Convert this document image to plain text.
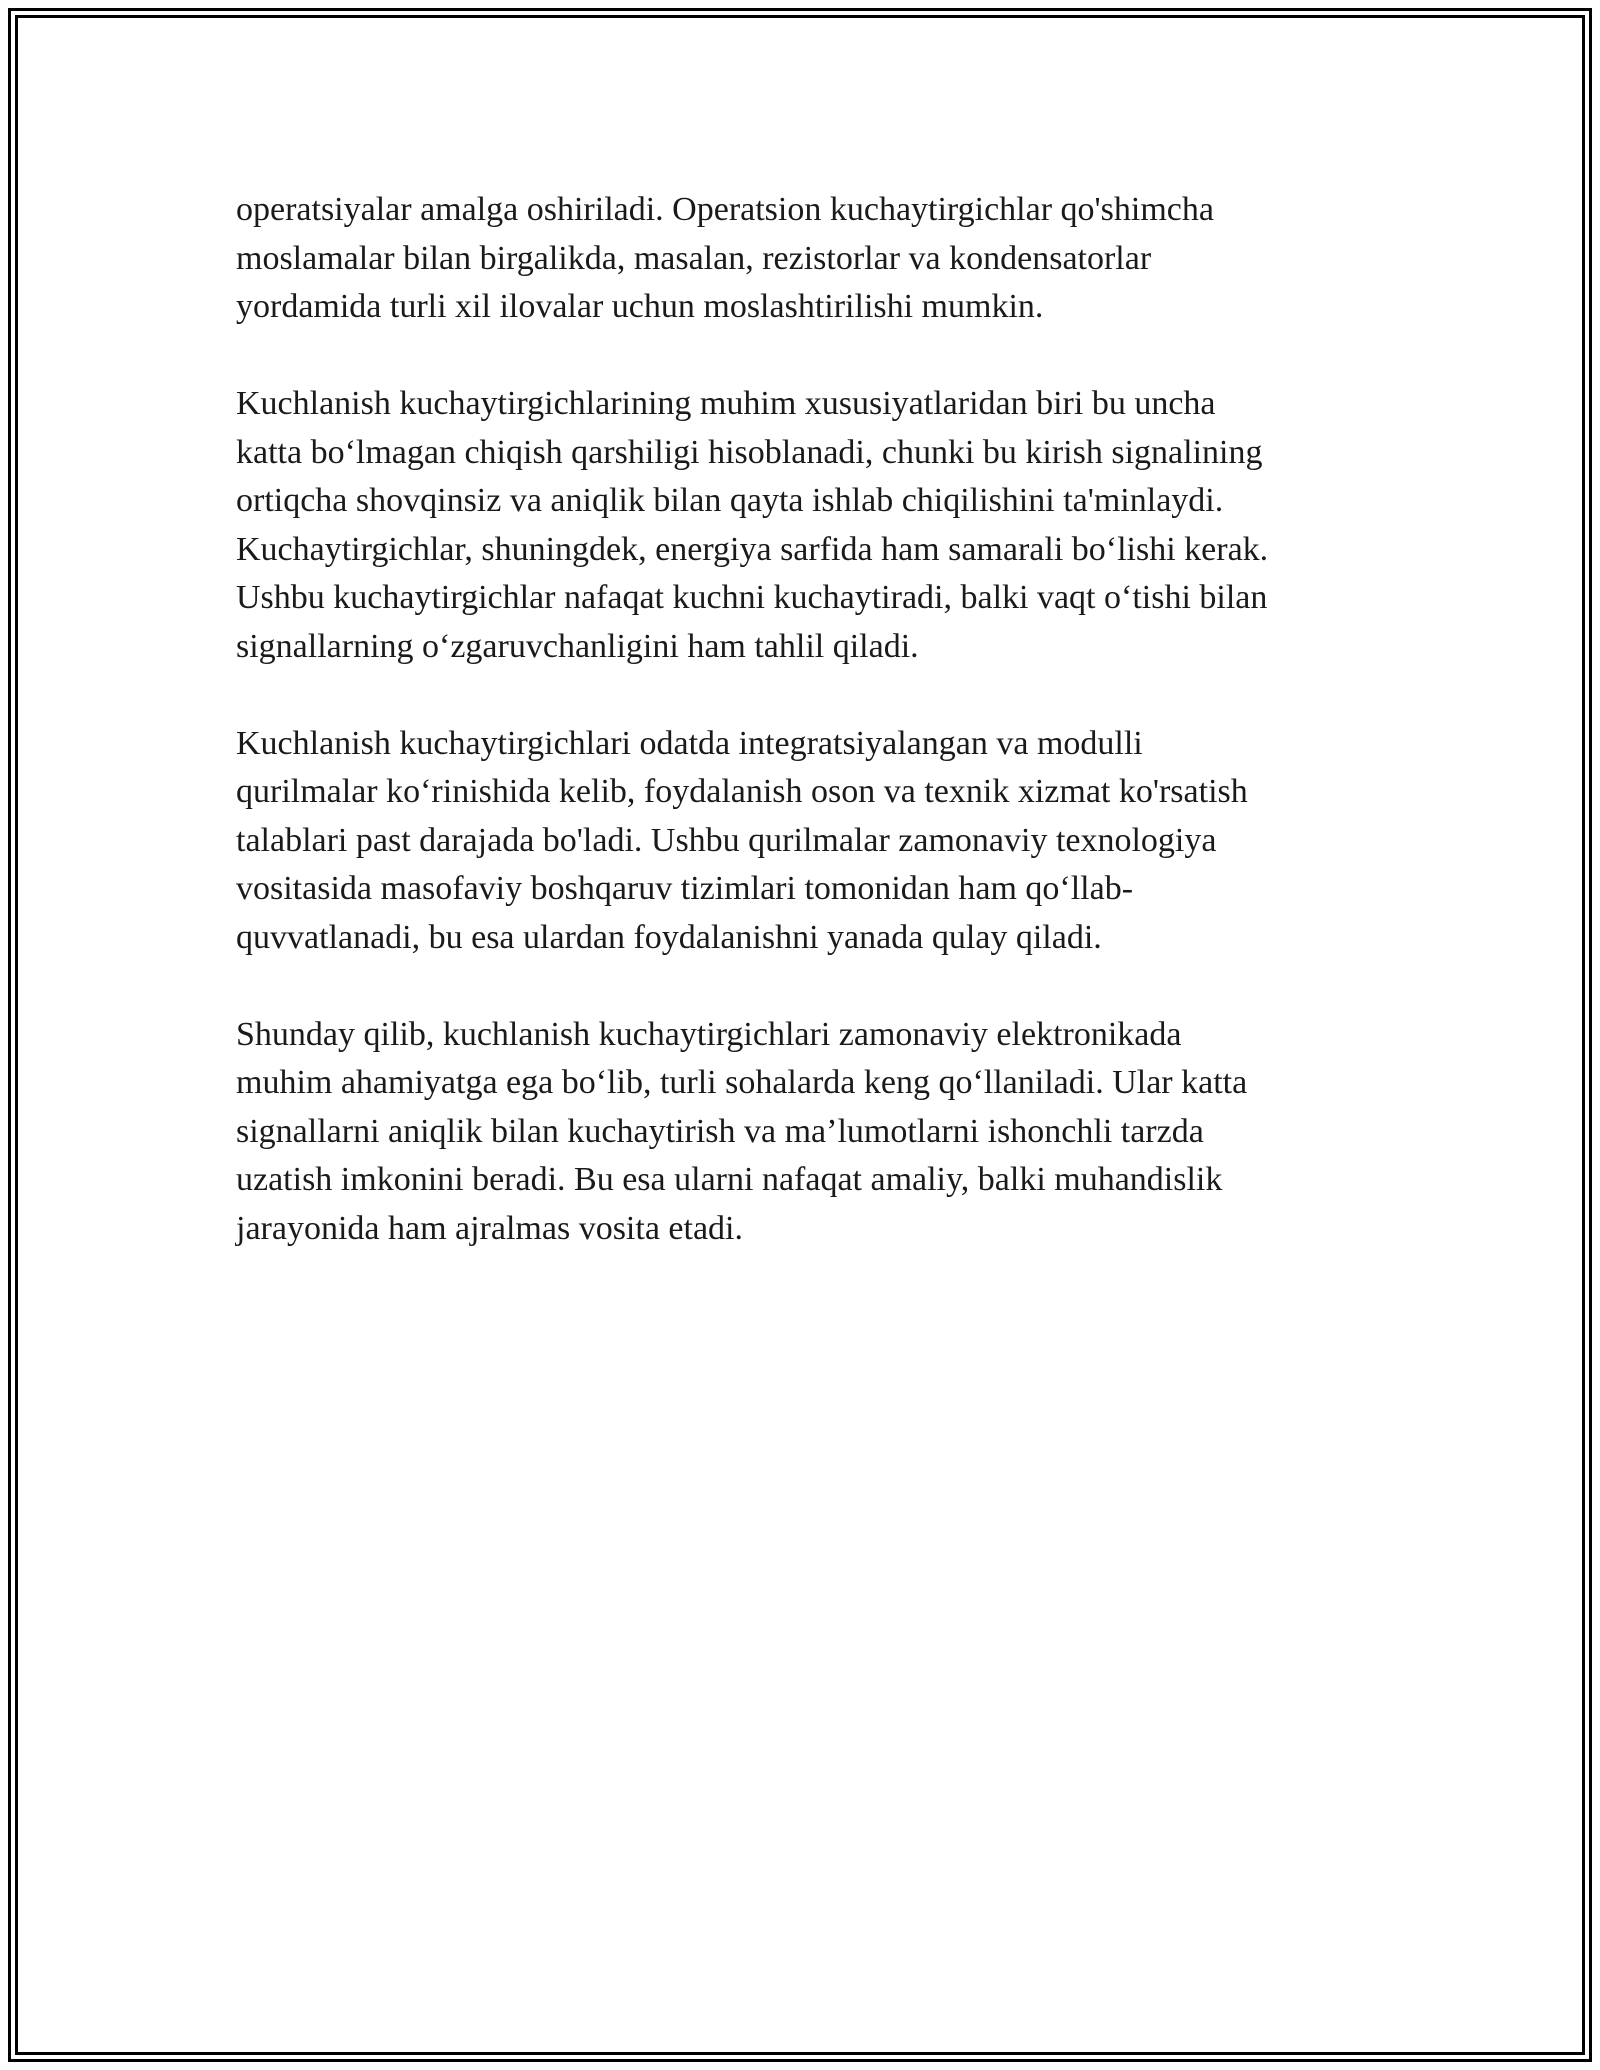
operatsiyalar amalga oshiriladi. Operatsion kuchaytirgichlar qo'shimcha
moslamalar bilan birgalikda, masalan, rezistorlar va kondensatorlar
yordamida turli xil ilovalar uchun moslashtirilishi mumkin.

Kuchlanish kuchaytirgichlarining muhim xususiyatlaridan biri bu uncha
katta bo‘lmagan chiqish qarshiligi hisoblanadi, chunki bu kirish signalining
ortiqcha shovqinsiz va aniqlik bilan qayta ishlab chiqilishini ta'minlaydi.
Kuchaytirgichlar, shuningdek, energiya sarfida ham samarali bo‘lishi kerak.
Ushbu kuchaytirgichlar nafaqat kuchni kuchaytiradi, balki vaqt o‘tishi bilan
signallarning o‘zgaruvchanligini ham tahlil qiladi.

Kuchlanish kuchaytirgichlari odatda integratsiyalangan va modulli
qurilmalar ko‘rinishida kelib, foydalanish oson va texnik xizmat ko'rsatish
talablari past darajada bo'ladi. Ushbu qurilmalar zamonaviy texnologiya
vositasida masofaviy boshqaruv tizimlari tomonidan ham qo‘llab-
quvvatlanadi, bu esa ulardan foydalanishni yanada qulay qiladi.

Shunday qilib, kuchlanish kuchaytirgichlari zamonaviy elektronikada
muhim ahamiyatga ega bo‘lib, turli sohalarda keng qo‘llaniladi. Ular katta
signallarni aniqlik bilan kuchaytirish va ma’lumotlarni ishonchli tarzda
uzatish imkonini beradi. Bu esa ularni nafaqat amaliy, balki muhandislik
jarayonida ham ajralmas vosita etadi.
